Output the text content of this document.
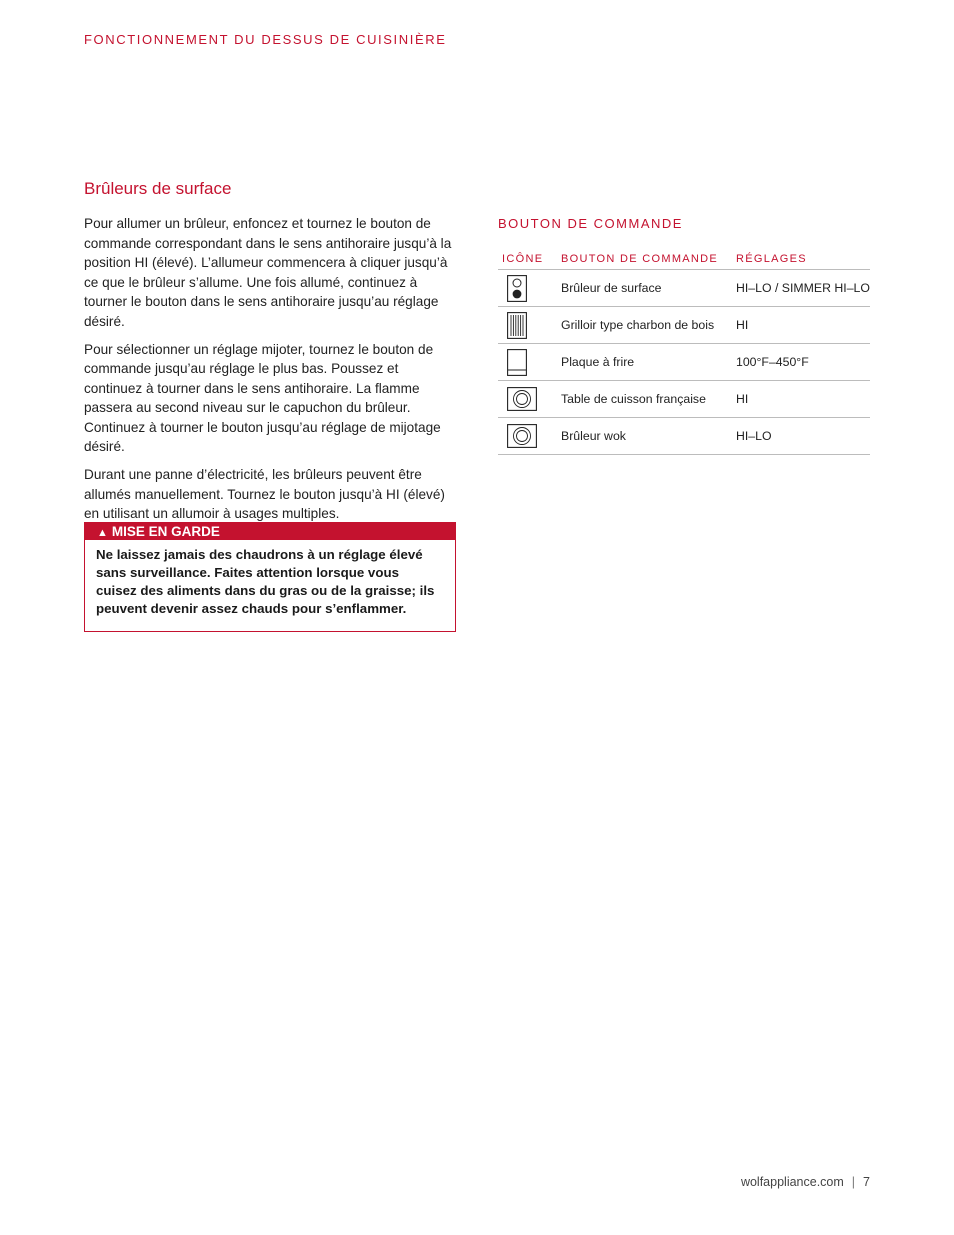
FONCTIONNEMENT DU DESSUS DE CUISINIÈRE
Brûleurs de surface

Pour allumer un brûleur, enfoncez et tournez le bouton de commande correspondant dans le sens antihoraire jusqu’à la position HI (élevé). L’allumeur commencera à cliquer jusqu’à ce que le brûleur s’allume. Une fois allumé, continuez à tourner le bouton dans le sens antihoraire jusqu’au réglage désiré.

Pour sélectionner un réglage mijoter, tournez le bouton de commande jusqu’au réglage le plus bas. Poussez et continuez à tourner dans le sens antihoraire. La flamme passera au second niveau sur le capuchon du brûleur. Continuez à tourner le bouton jusqu’au réglage de mijotage désiré.

Durant une panne d’électricité, les brûleurs peuvent être allumés manuellement. Tournez le bouton jusqu’à HI (élevé) en utilisant un allumoir à usages multiples.

▲ MISE EN GARDE
Ne laissez jamais des chaudrons à un réglage élevé sans surveillance. Faites attention lorsque vous cuisez des aliments dans du gras ou de la graisse; ils peuvent devenir assez chauds pour s’enflammer.
BOUTON DE COMMANDE
ICÔNE	BOUTON DE COMMANDE	RÉGLAGES

	Brûleur de surface	HI–LO / SIMMER HI–LO

	Grilloir type charbon de bois	HI

	Plaque à frire	100°F–450°F

	Table de cuisson française	HI

	Brûleur wok	HI–LO
wolfappliance.com | 7
